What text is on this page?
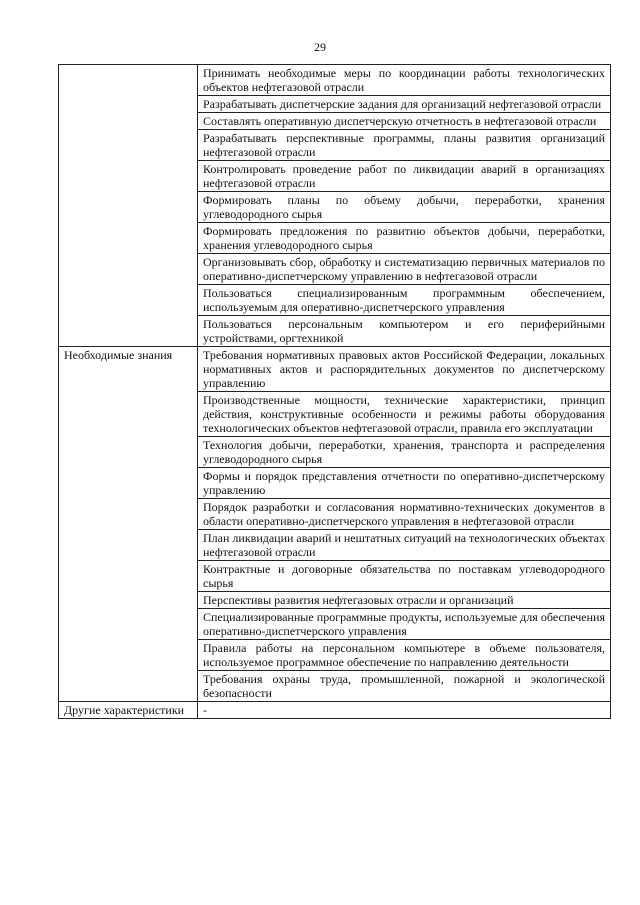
29
	Принимать необходимые меры по координации работы технологических объектов нефтегазовой отрасли
	Разрабатывать диспетчерские задания для организаций нефтегазовой отрасли
	Составлять оперативную диспетчерскую отчетность в нефтегазовой отрасли
	Разрабатывать перспективные программы, планы развития организаций нефтегазовой отрасли
	Контролировать проведение работ по ликвидации аварий в организациях нефтегазовой отрасли
	Формировать планы по объему добычи, переработки, хранения углеводородного сырья
	Формировать предложения по развитию объектов добычи, переработки, хранения углеводородного сырья
	Организовывать сбор, обработку и систематизацию первичных материалов по оперативно-диспетчерскому управлению в нефтегазовой отрасли
	Пользоваться специализированным программным обеспечением, используемым для оперативно-диспетчерского управления
	Пользоваться персональным компьютером и его периферийными устройствами, оргтехникой
Необходимые знания	Требования нормативных правовых актов Российской Федерации, локальных нормативных актов и распорядительных документов по диспетчерскому управлению
	Производственные мощности, технические характеристики, принцип действия, конструктивные особенности и режимы работы оборудования технологических объектов нефтегазовой отрасли, правила его эксплуатации
	Технология добычи, переработки, хранения, транспорта и распределения углеводородного сырья
	Формы и порядок представления отчетности по оперативно-диспетчерскому управлению
	Порядок разработки и согласования нормативно-технических документов в области оперативно-диспетчерского управления в нефтегазовой отрасли
	План ликвидации аварий и нештатных ситуаций на технологических объектах нефтегазовой отрасли
	Контрактные и договорные обязательства по поставкам углеводородного сырья
	Перспективы развития нефтегазовых отрасли и организаций
	Специализированные программные продукты, используемые для обеспечения оперативно-диспетчерского управления
	Правила работы на персональном компьютере в объеме пользователя, используемое программное обеспечение по направлению деятельности
	Требования охраны труда, промышленной, пожарной и экологической безопасности
Другие характеристики	-
